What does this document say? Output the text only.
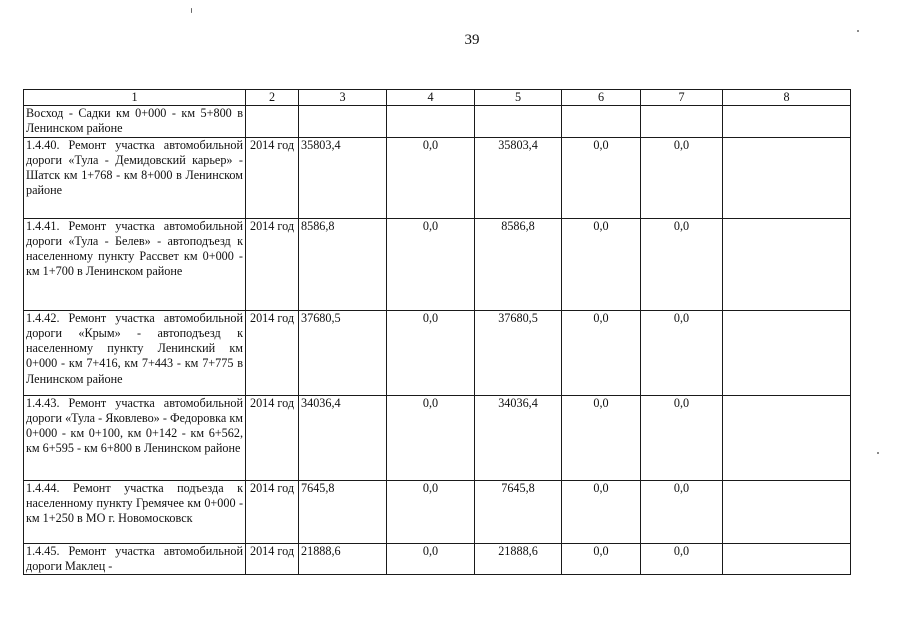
39
1	2	3	4	5	6	7	8
Восход - Садки км 0+000 - км 5+800 в Ленинском районе							
1.4.40. Ремонт участка автомобильной дороги «Тула - Демидовский карьер» - Шатск км 1+768 - км 8+000 в Ленинском районе	2014 год	35803,4	0,0	35803,4	0,0	0,0	
1.4.41. Ремонт участка автомобильной дороги «Тула - Белев» - автоподъезд к населенному пункту Рассвет км 0+000 - км 1+700 в Ленинском районе	2014 год	8586,8	0,0	8586,8	0,0	0,0	
1.4.42. Ремонт участка автомобильной дороги «Крым» - автоподъезд к населенному пункту Ленинский км 0+000 - км 7+416, км 7+443 - км 7+775 в Ленинском районе	2014 год	37680,5	0,0	37680,5	0,0	0,0	
1.4.43. Ремонт участка автомобильной дороги «Тула - Яковлево» - Федоровка км 0+000 - км 0+100, км 0+142 - км 6+562, км 6+595 - км 6+800 в Ленинском районе	2014 год	34036,4	0,0	34036,4	0,0	0,0	
1.4.44. Ремонт участка подъезда к населенному пункту Гремячее км 0+000 - км 1+250 в МО г. Новомосковск	2014 год	7645,8	0,0	7645,8	0,0	0,0	
1.4.45. Ремонт участка автомобильной дороги Маклец -	2014 год	21888,6	0,0	21888,6	0,0	0,0	
